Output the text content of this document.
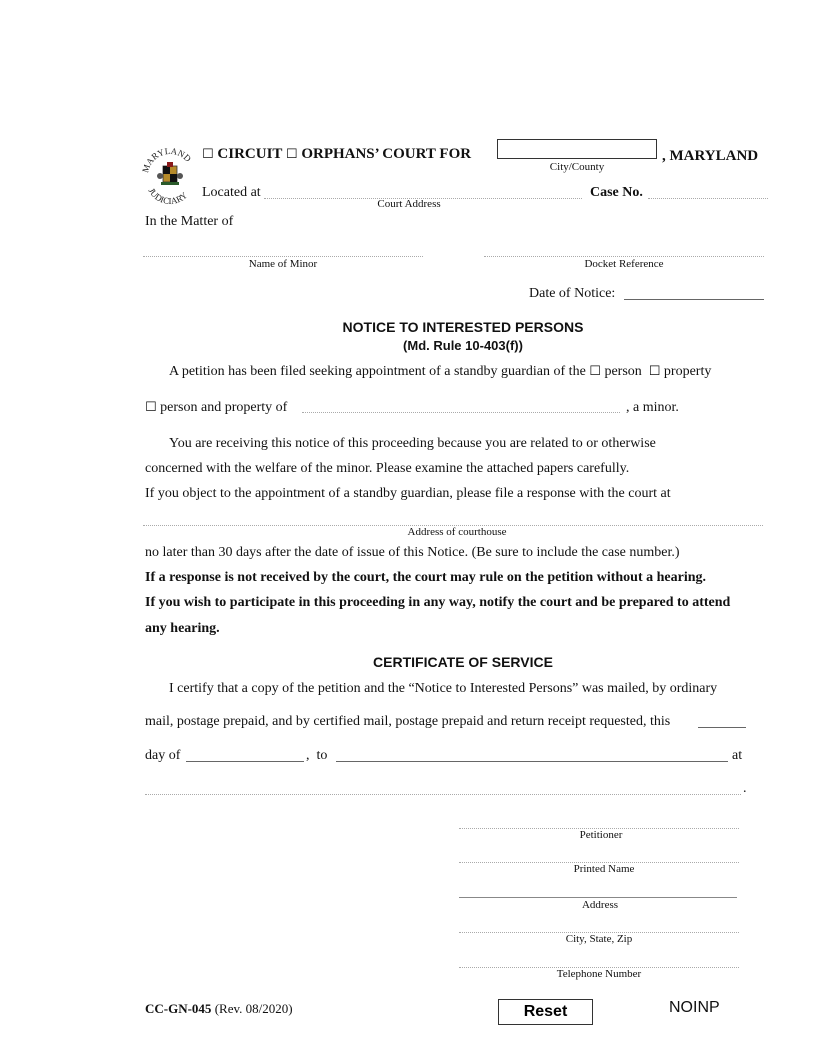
MARYLAND
JUDICIARY
☐ CIRCUIT ☐ ORPHANS’ COURT FOR
City/County
, MARYLAND
Located at
Court Address
Case No.
In the Matter of
Name of Minor	Docket Reference
Date of Notice:
NOTICE TO INTERESTED PERSONS
(Md. Rule 10-403(f))
A petition has been filed seeking appointment of a standby guardian of the ☐ person ☐ property
☐ person and property of	, a minor.
You are receiving this notice of this proceeding because you are related to or otherwise
concerned with the welfare of the minor. Please examine the attached papers carefully.
If you object to the appointment of a standby guardian, please file a response with the court at
Address of courthouse
no later than 30 days after the date of issue of this Notice. (Be sure to include the case number.)
If a response is not received by the court, the court may rule on the petition without a hearing.
If you wish to participate in this proceeding in any way, notify the court and be prepared to attend
any hearing.
CERTIFICATE OF SERVICE
I certify that a copy of the petition and the “Notice to Interested Persons” was mailed, by ordinary
mail, postage prepaid, and by certified mail, postage prepaid and return receipt requested, this
day of	,  to	at
.
Petitioner
Printed Name
Address
City, State, Zip
Telephone Number
CC-GN-045 (Rev. 08/2020)	Reset	NOINP
